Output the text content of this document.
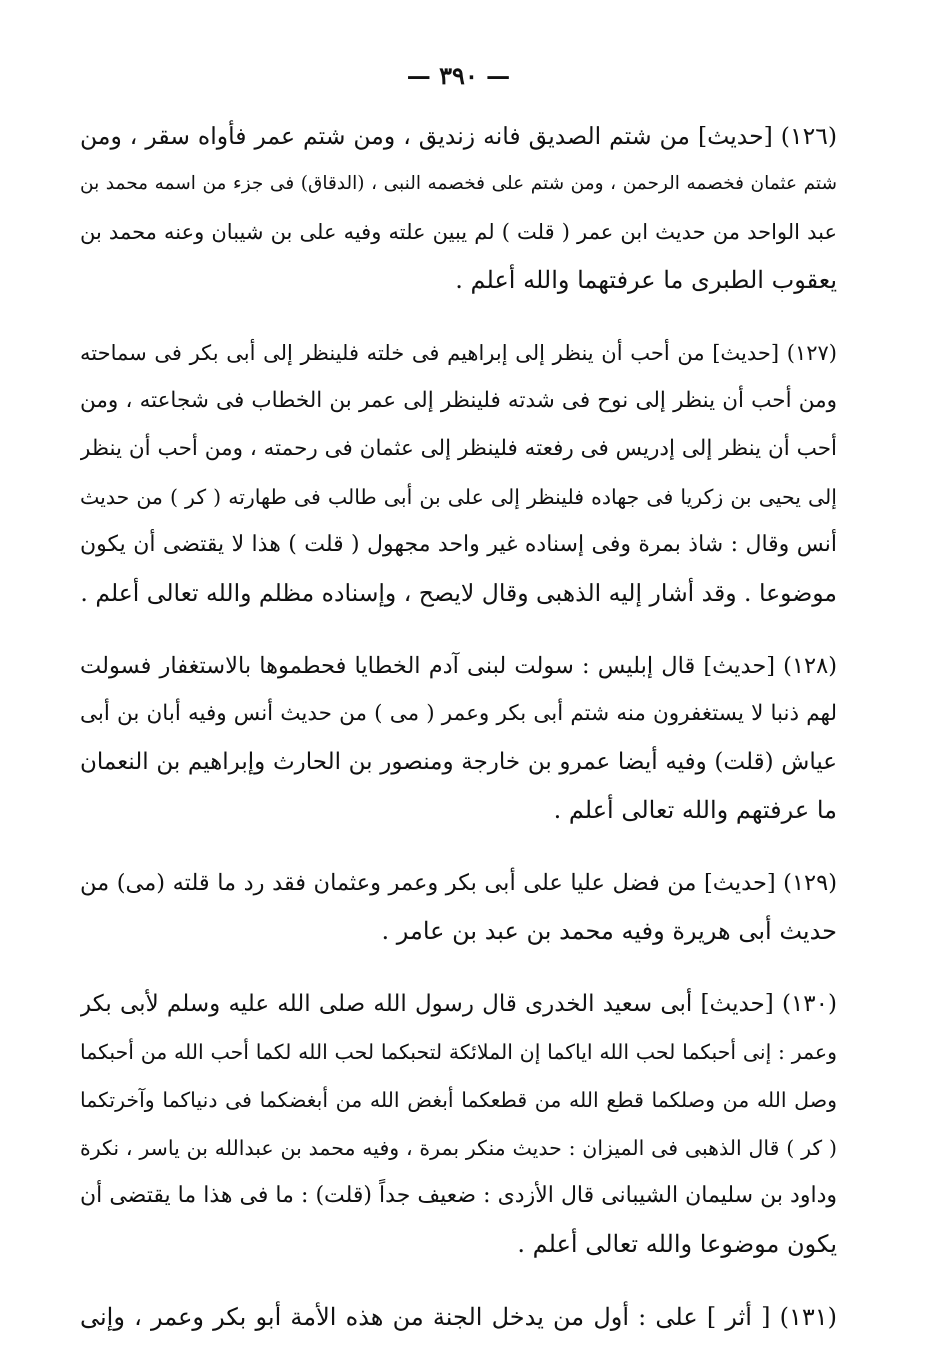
— ٣٩٠ —
(١٢٦) [حديث] من شتم الصديق فانه زنديق ، ومن شتم عمر فأواه سقر ، ومن
شتم عثمان فخصمه الرحمن ، ومن شتم على فخصمه النبى ، (الدقاق) فى جزء من اسمه محمد بن
عبد الواحد من حديث ابن عمر ( قلت ) لم يبين علته وفيه على بن شيبان وعنه محمد بن
يعقوب الطبرى ما عرفتهما والله أعلم .
(١٢٧) [حديث] من أحب أن ينظر إلى إبراهيم فى خلته فلينظر إلى أبى بكر فى سماحته
ومن أحب أن ينظر إلى نوح فى شدته فلينظر إلى عمر بن الخطاب فى شجاعته ، ومن
أحب أن ينظر إلى إدريس فى رفعته فلينظر إلى عثمان فى رحمته ، ومن أحب أن ينظر
إلى يحيى بن زكريا فى جهاده فلينظر إلى على بن أبى طالب فى طهارته ( كر ) من حديث
أنس وقال : شاذ بمرة وفى إسناده غير واحد مجهول ( قلت ) هذا لا يقتضى أن يكون
موضوعا . وقد أشار إليه الذهبى وقال لايصح ، وإسناده مظلم والله تعالى أعلم .
(١٢٨) [حديث] قال إبليس : سولت لبنى آدم الخطايا فحطموها بالاستغفار فسولت
لهم ذنبا لا يستغفرون منه شتم أبى بكر وعمر ( مى ) من حديث أنس وفيه أبان بن أبى
عياش (قلت) وفيه أيضا عمرو بن خارجة ومنصور بن الحارث وإبراهيم بن النعمان
ما عرفتهم والله تعالى أعلم .
(١٢٩) [حديث] من فضل عليا على أبى بكر وعمر وعثمان فقد رد ما قلته (مى) من
حديث أبى هريرة وفيه محمد بن عبد بن عامر .
(١٣٠) [حديث] أبى سعيد الخدرى قال رسول الله صلى الله عليه وسلم لأبى بكر
وعمر : إنى أحبكما لحب الله اياكما إن الملائكة لتحبكما لحب الله لكما أحب الله من أحبكما
وصل الله من وصلكما قطع الله من قطعكما أبغض الله من أبغضكما فى دنياكما وآخرتكما
( كر ) قال الذهبى فى الميزان : حديث منكر بمرة ، وفيه محمد بن عبدالله بن ياسر ، نكرة
وداود بن سليمان الشيبانى قال الأزدى : ضعيف جداً (قلت) : ما فى هذا ما يقتضى أن
يكون موضوعا والله تعالى أعلم .
(١٣١) [ أثر ] على : أول من يدخل الجنة من هذه الأمة أبو بكر وعمر ، وإنى
